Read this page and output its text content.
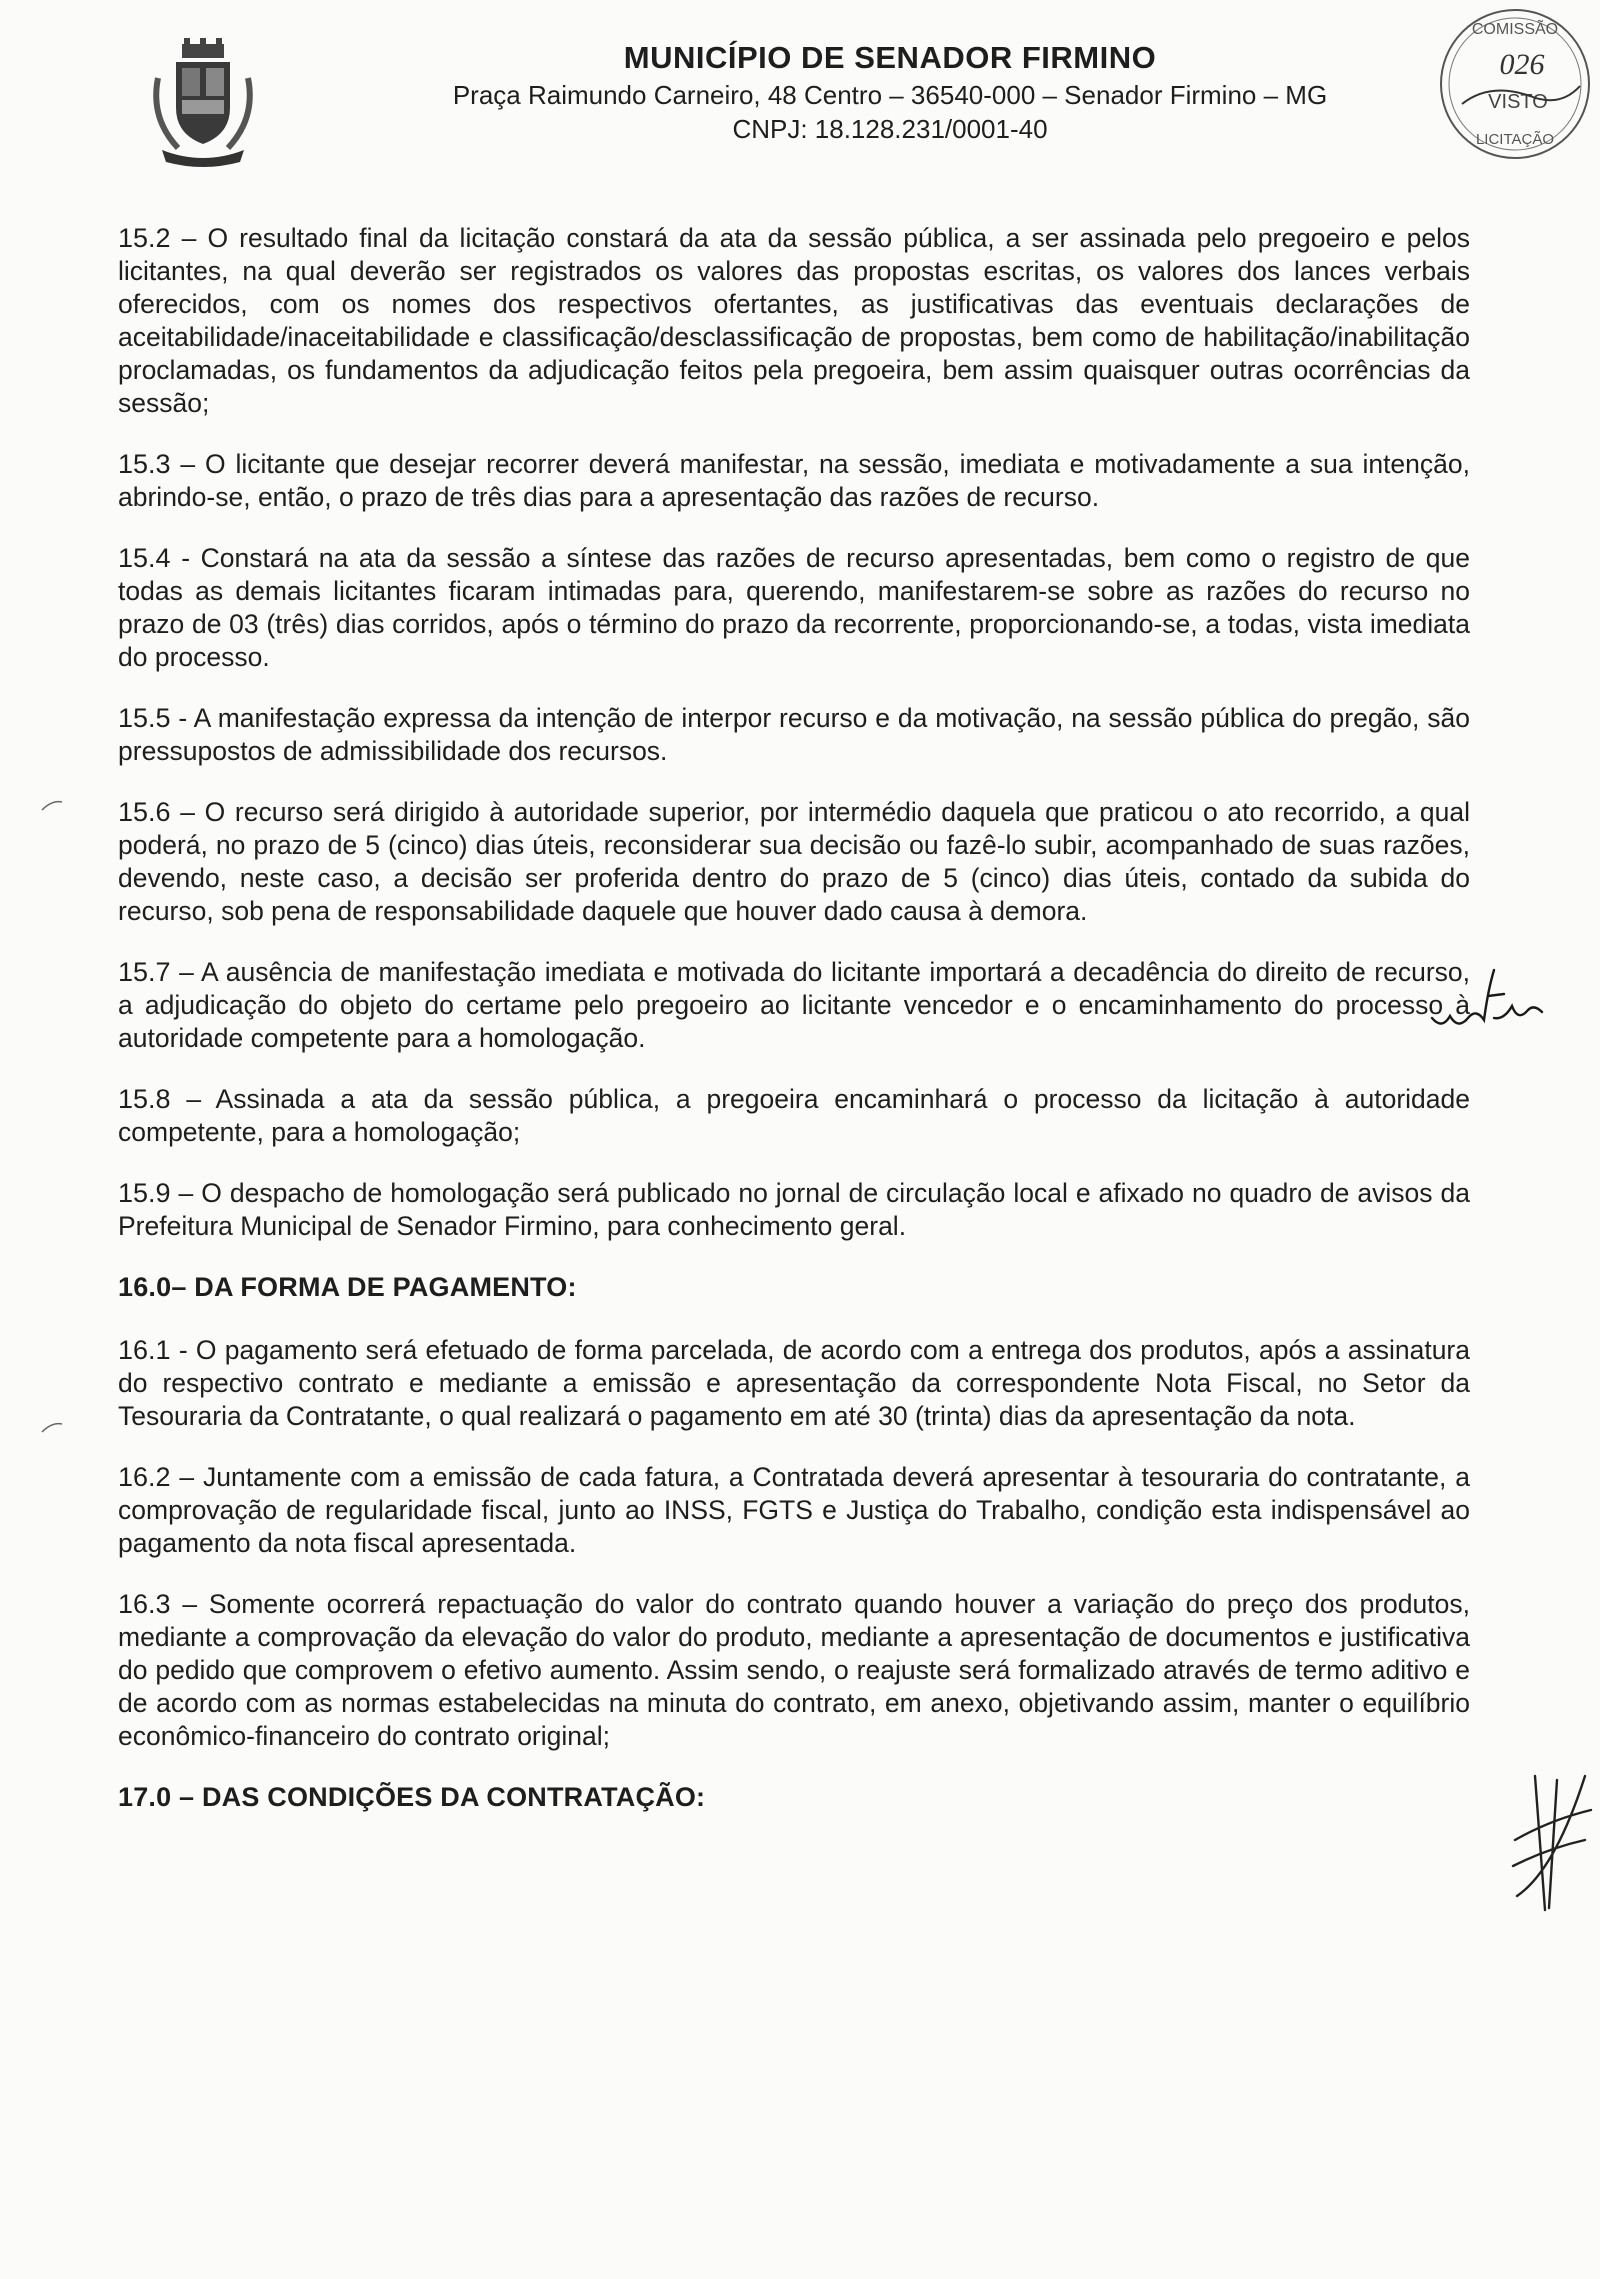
MUNICÍPIO DE SENADOR FIRMINO
Praça Raimundo Carneiro, 48 Centro – 36540-000 – Senador Firmino – MG
CNPJ: 18.128.231/0001-40
COMISSÃO
026
VISTO
LICITAÇÃO

15.2 – O resultado final da licitação constará da ata da sessão pública, a ser assinada pelo pregoeiro e pelos licitantes, na qual deverão ser registrados os valores das propostas escritas, os valores dos lances verbais oferecidos, com os nomes dos respectivos ofertantes, as justificativas das eventuais declarações de aceitabilidade/inaceitabilidade e classificação/desclassificação de propostas, bem como de habilitação/inabilitação proclamadas, os fundamentos da adjudicação feitos pela pregoeira, bem assim quaisquer outras ocorrências da sessão;

15.3 – O licitante que desejar recorrer deverá manifestar, na sessão, imediata e motivadamente a sua intenção, abrindo-se, então, o prazo de três dias para a apresentação das razões de recurso.

15.4 - Constará na ata da sessão a síntese das razões de recurso apresentadas, bem como o registro de que todas as demais licitantes ficaram intimadas para, querendo, manifestarem-se sobre as razões do recurso no prazo de 03 (três) dias corridos, após o término do prazo da recorrente, proporcionando-se, a todas, vista imediata do processo.

15.5 - A manifestação expressa da intenção de interpor recurso e da motivação, na sessão pública do pregão, são pressupostos de admissibilidade dos recursos.

15.6 – O recurso será dirigido à autoridade superior, por intermédio daquela que praticou o ato recorrido, a qual poderá, no prazo de 5 (cinco) dias úteis, reconsiderar sua decisão ou fazê-lo subir, acompanhado de suas razões, devendo, neste caso, a decisão ser proferida dentro do prazo de 5 (cinco) dias úteis, contado da subida do recurso, sob pena de responsabilidade daquele que houver dado causa à demora.

15.7 – A ausência de manifestação imediata e motivada do licitante importará a decadência do direito de recurso, a adjudicação do objeto do certame pelo pregoeiro ao licitante vencedor e o encaminhamento do processo à autoridade competente para a homologação.

15.8 – Assinada a ata da sessão pública, a pregoeira encaminhará o processo da licitação à autoridade competente, para a homologação;

15.9 – O despacho de homologação será publicado no jornal de circulação local e afixado no quadro de avisos da Prefeitura Municipal de Senador Firmino, para conhecimento geral.

16.0– DA FORMA DE PAGAMENTO:

16.1 - O pagamento será efetuado de forma parcelada, de acordo com a entrega dos produtos, após a assinatura do respectivo contrato e mediante a emissão e apresentação da correspondente Nota Fiscal, no Setor da Tesouraria da Contratante, o qual realizará o pagamento em até 30 (trinta) dias da apresentação da nota.

16.2 – Juntamente com a emissão de cada fatura, a Contratada deverá apresentar à tesouraria do contratante, a comprovação de regularidade fiscal, junto ao INSS, FGTS e Justiça do Trabalho, condição esta indispensável ao pagamento da nota fiscal apresentada.

16.3 – Somente ocorrerá repactuação do valor do contrato quando houver a variação do preço dos produtos, mediante a comprovação da elevação do valor do produto, mediante a apresentação de documentos e justificativa do pedido que comprovem o efetivo aumento. Assim sendo, o reajuste será formalizado através de termo aditivo e de acordo com as normas estabelecidas na minuta do contrato, em anexo, objetivando assim, manter o equilíbrio econômico-financeiro do contrato original;

17.0 – DAS CONDIÇÕES DA CONTRATAÇÃO:
